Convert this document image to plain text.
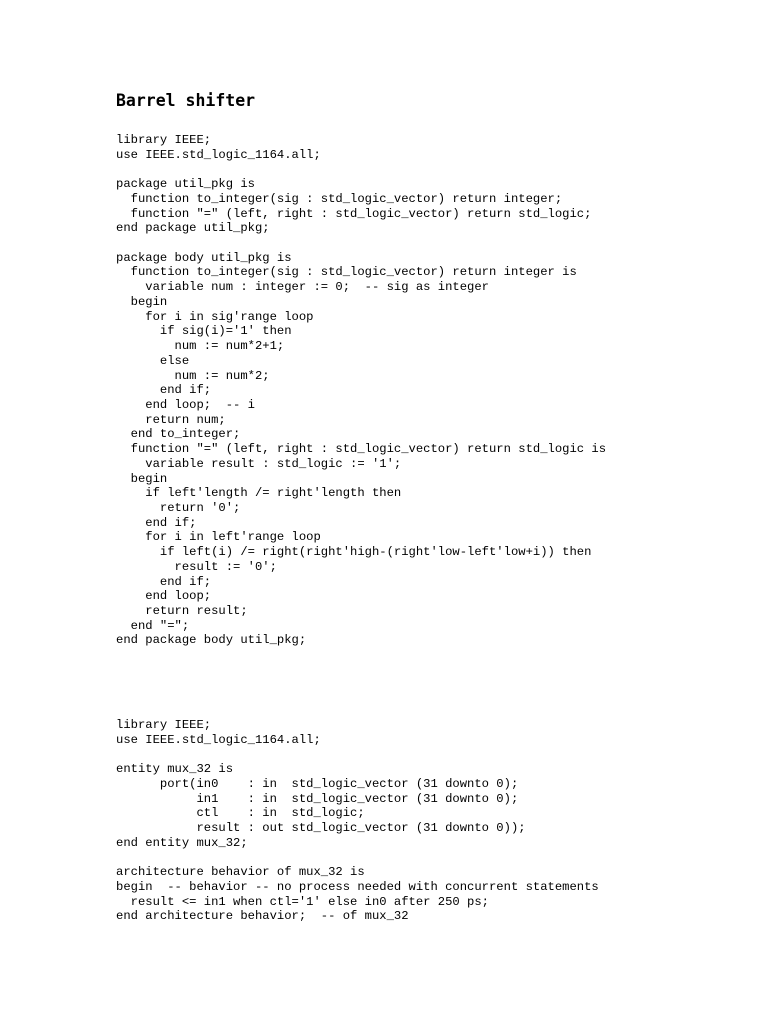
Barrel shifter
library IEEE;
use IEEE.std_logic_1164.all;

package util_pkg is
function to_integer(sig : std_logic_vector) return integer;
function "=" (left, right : std_logic_vector) return std_logic;
end package util_pkg;

package body util_pkg is
function to_integer(sig : std_logic_vector) return integer is
variable num : integer := 0;  -- sig as integer
begin
for i in sig'range loop
if sig(i)='1' then
num := num*2+1;
else
num := num*2;
end if;
end loop;  -- i
return num;
end to_integer;
function "=" (left, right : std_logic_vector) return std_logic is
variable result : std_logic := '1';
begin
if left'length /= right'length then
return '0';
end if;
for i in left'range loop
if left(i) /= right(right'high-(right'low-left'low+i)) then
result := '0';
end if;
end loop;
return result;
end "=";
end package body util_pkg;
library IEEE;
use IEEE.std_logic_1164.all;

entity mux_32 is
port(in0    : in  std_logic_vector (31 downto 0);
in1    : in  std_logic_vector (31 downto 0);
ctl    : in  std_logic;
result : out std_logic_vector (31 downto 0));
end entity mux_32;

architecture behavior of mux_32 is
begin  -- behavior -- no process needed with concurrent statements
result <= in1 when ctl='1' else in0 after 250 ps;
end architecture behavior;  -- of mux_32
